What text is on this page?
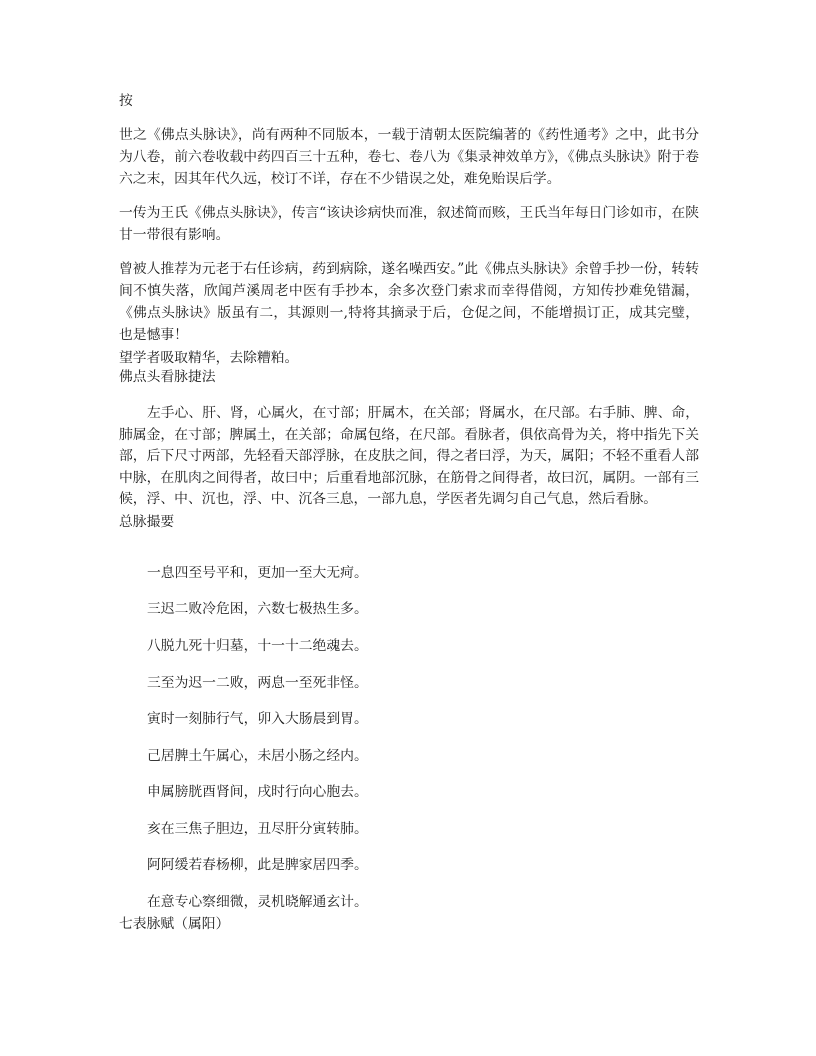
按

世之《佛点头脉诀》，尚有两种不同版本，一载于清朝太医院编著的《药性通考》之中，此书分为八卷，前六卷收载中药四百三十五种，卷七、卷八为《集录神效单方》，《佛点头脉诀》附于卷六之末，因其年代久远，校订不详，存在不少错误之处，难免贻误后学。

一传为王氏《佛点头脉诀》，传言“该诀诊病快而准，叙述简而赅，王氏当年每日门诊如市，在陕甘一带很有影响。

曾被人推荐为元老于右任诊病，药到病除，遂名噪西安。”此《佛点头脉诀》余曾手抄一份，转转间不慎失落，欣闻芦溪周老中医有手抄本，余多次登门索求而幸得借阅，方知传抄难免错漏，《佛点头脉诀》版虽有二，其源则一,特将其摘录于后，仓促之间，不能增损订正，成其完璧，也是憾事！

望学者吸取精华，去除糟粕。

佛点头看脉捷法

左手心、肝、肾，心属火，在寸部；肝属木，在关部；肾属水，在尺部。右手肺、脾、命，肺属金，在寸部；脾属土，在关部；命属包络，在尺部。看脉者，俱依高骨为关，将中指先下关部，后下尺寸两部，先轻看天部浮脉，在皮肤之间，得之者曰浮，为天，属阳；不轻不重看人部中脉，在肌肉之间得者，故曰中；后重看地部沉脉，在筋骨之间得者，故曰沉，属阴。一部有三候，浮、中、沉也，浮、中、沉各三息，一部九息，学医者先调匀自己气息，然后看脉。

总脉撮要

一息四至号平和，更加一至大无疴。

三迟二败冷危困，六数七极热生多。

八脱九死十归墓，十一十二绝魂去。

三至为迟一二败，两息一至死非怪。

寅时一刻肺行气，卯入大肠晨到胃。

己居脾土午属心，未居小肠之经内。

申属膀胱酉肾间，戌时行向心胞去。

亥在三焦子胆边，丑尽肝分寅转肺。

阿阿缓若春杨柳，此是脾家居四季。

在意专心察细微，灵机晓解通玄计。

七表脉赋（属阳）
